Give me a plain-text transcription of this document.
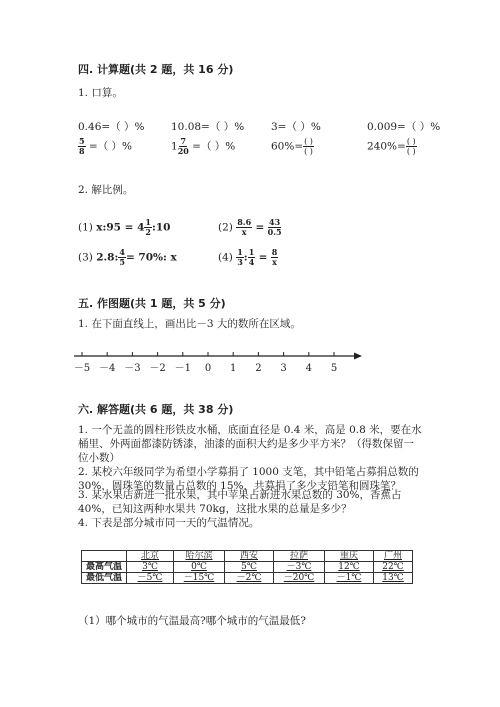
四. 计算题(共 2 题，共 16 分)
1. 口算。
0.46=（ ）%	10.08=（ ）%	3=（ ）%	0.009=（ ）%
$\frac{5}{8}$ =（ ）%	$1 \frac{7}{20}$ =（ ）%	$60\%= \frac{( )}{( )}$	$240\%= \frac{( )}{( )}$
2. 解比例。
(1) x:95 = $4 \frac{1}{2}$ :10	$(2) \frac{8.6}{x} = \frac{43}{0.5}$
(3) 2.8: $\frac{4}{5} = 70\%$: x	$(4) \frac{1}{3}$ : $\frac{1}{4} = \frac{8}{x}$
五. 作图题(共 1 题，共 5 分)
1. 在下面直线上，画出比－3 大的数所在区域。
－5 －4 －3 －2 －1 0 1 2 3 4 5
六. 解答题(共 6 题，共 38 分)
1. 一个无盖的圆柱形铁皮水桶，底面直径是 0.4 米，高是 0.8 米，要在水桶里、外两面都漆防锈漆，油漆的面积大约是多少平方米？（得数保留一位小数）
2. 某校六年级同学为希望小学募捐了 1000 支笔，其中铅笔占募捐总数的 30%，圆珠笔的数量占总数的 15%，共募捐了多少支铅笔和圆珠笔？
3. 某水果店新进一批水果，其中苹果占新进水果总数的 30%，香蕉占 40%，已知这两种水果共 70kg，这批水果的总量是多少？
4. 下表是部分城市同一天的气温情况。
	北京	哈尔滨	西安	拉萨	重庆	广州
最高气温	3℃	0℃	5℃	－3℃	12℃	22℃
最低气温	－5℃	－15℃	－2℃	－20℃	－1℃	13℃
（1）哪个城市的气温最高?哪个城市的气温最低?
